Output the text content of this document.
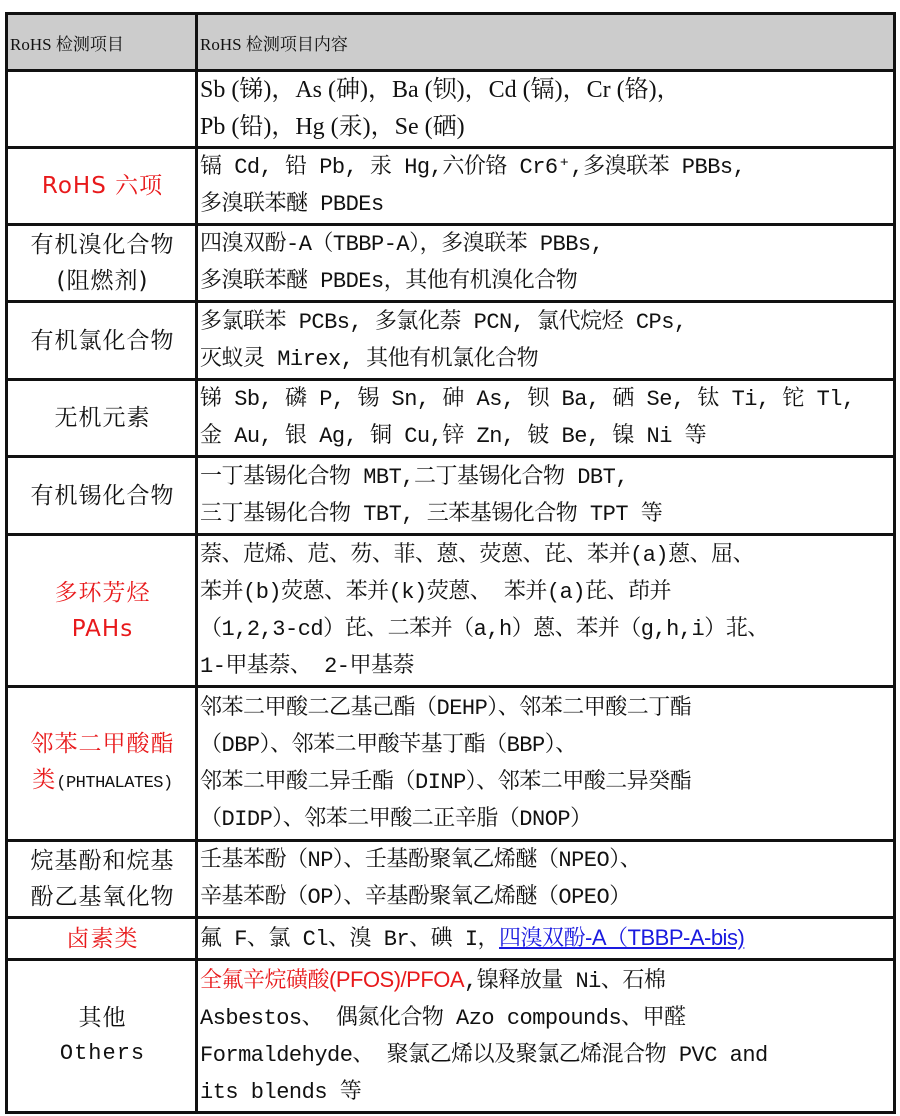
RoHS 检测项目	RoHS 检测项目内容

	Sb (锑)，As (砷)，Ba (钡)，Cd (镉)，Cr (铬)，
Pb (铅)，Hg (汞)，Se (硒)

RoHS 六项	镉 Cd, 铅 Pb, 汞 Hg,六价铬 Cr6⁺,多溴联苯 PBBs,
多溴联苯醚 PBDEs

有机溴化合物
(阻燃剂)	四溴双酚-A（TBBP-A），多溴联苯 PBBs,
多溴联苯醚 PBDEs，其他有机溴化合物

有机氯化合物	多氯联苯 PCBs, 多氯化萘 PCN, 氯代烷烃 CPs,
灭蚁灵 Mirex, 其他有机氯化合物

无机元素	锑 Sb, 磷 P, 锡 Sn, 砷 As, 钡 Ba, 硒 Se, 钛 Ti, 铊 Tl,
金 Au, 银 Ag, 铜 Cu,锌 Zn, 铍 Be, 镍 Ni 等

有机锡化合物	一丁基锡化合物 MBT,二丁基锡化合物 DBT,
三丁基锡化合物 TBT, 三苯基锡化合物 TPT 等

多环芳烃
PAHs	萘、苊烯、苊、芴、菲、蒽、荧蒽、芘、苯并(a)蒽、屈、
苯并(b)荧蒽、苯并(k)荧蒽、 苯并(a)芘、茚并
（1,2,3-cd）芘、二苯并（a,h）蒽、苯并（g,h,i）苝、
1-甲基萘、 2-甲基萘

邻苯二甲酸酯
类(PHTHALATES)	邻苯二甲酸二乙基己酯（DEHP）、邻苯二甲酸二丁酯
（DBP）、邻苯二甲酸苄基丁酯（BBP）、
邻苯二甲酸二异壬酯（DINP）、邻苯二甲酸二异癸酯
（DIDP）、邻苯二甲酸二正辛脂（DNOP）

烷基酚和烷基
酚乙基氧化物	壬基苯酚（NP）、壬基酚聚氧乙烯醚（NPEO）、
辛基苯酚（OP）、辛基酚聚氧乙烯醚（OPEO）

卤素类	氟 F、氯 Cl、溴 Br、碘 I，四溴双酚-A（TBBP-A-bis)

其他
Others	全氟辛烷磺酸(PFOS)/PFOA,镍释放量 Ni、石棉
Asbestos、 偶氮化合物 Azo compounds、甲醛
Formaldehyde、 聚氯乙烯以及聚氯乙烯混合物 PVC and
its blends 等
